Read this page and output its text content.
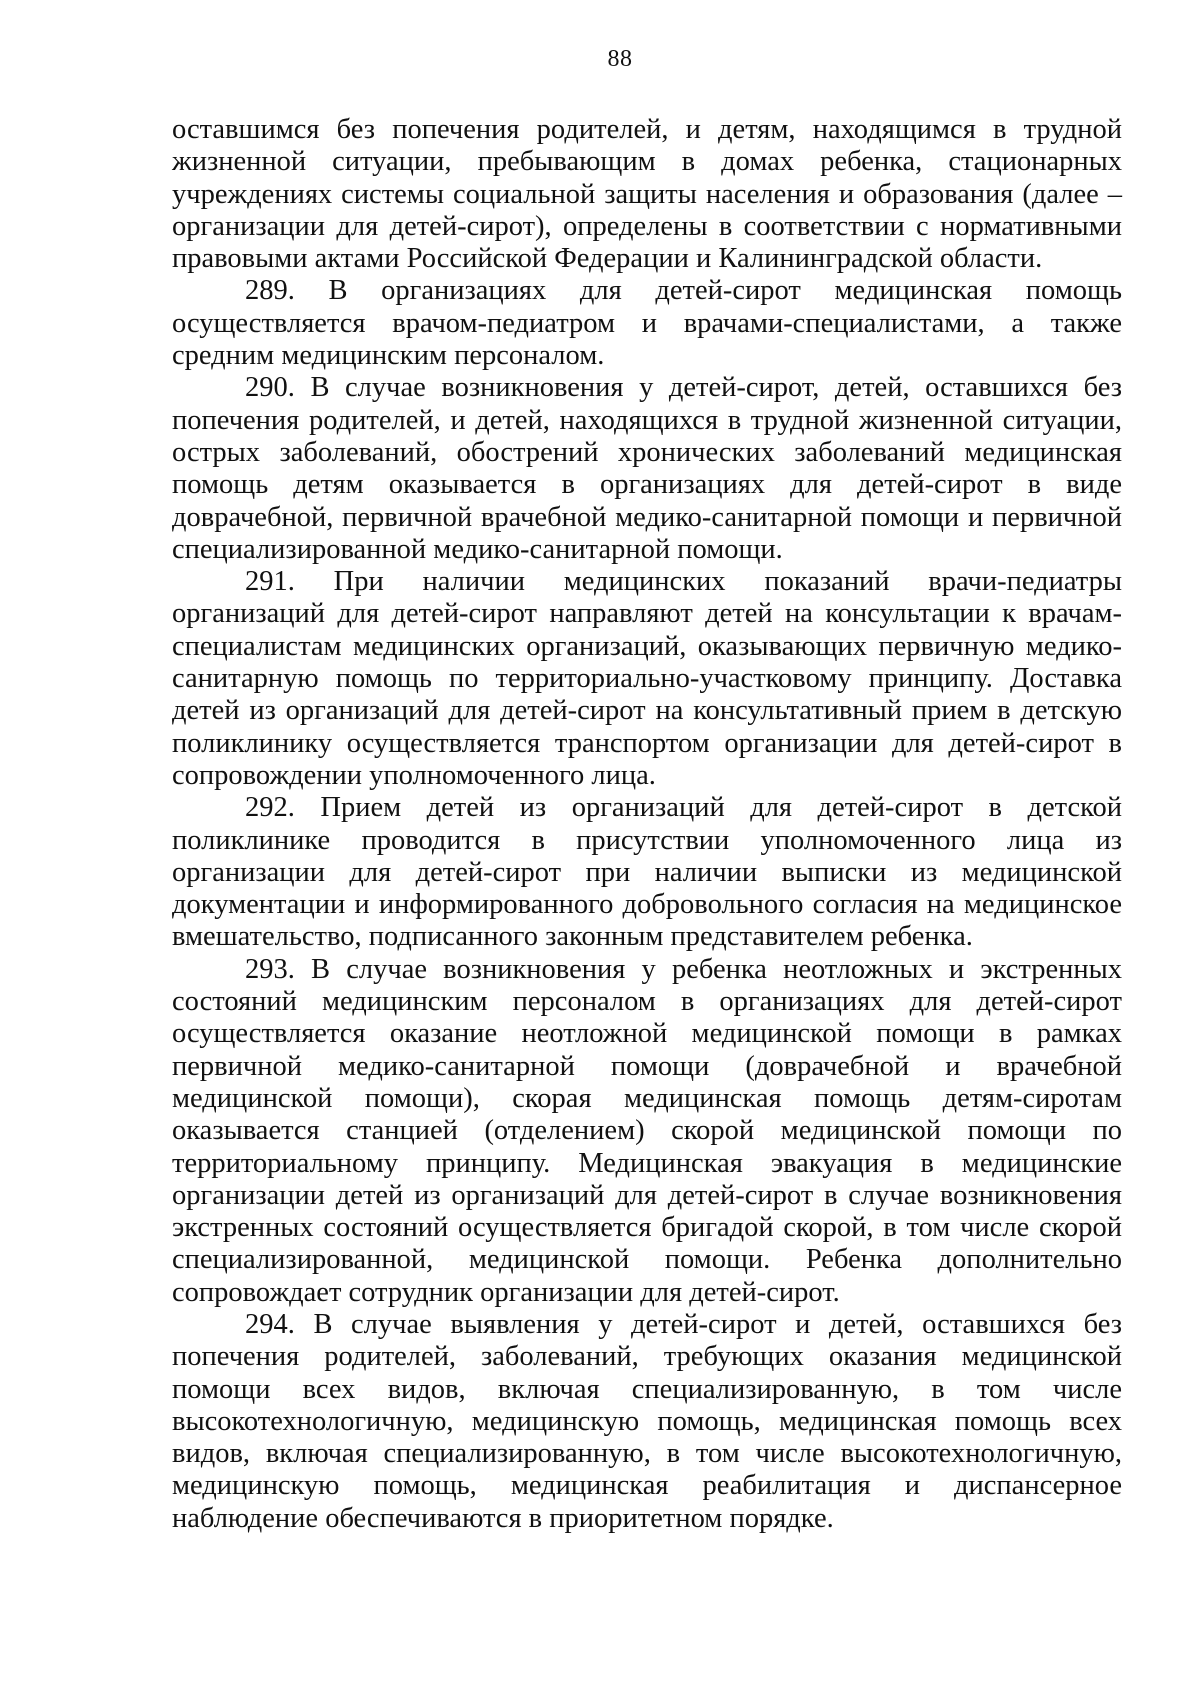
88

оставшимся без попечения родителей, и детям, находящимся в трудной жизненной ситуации, пребывающим в домах ребенка, стационарных учреждениях системы социальной защиты населения и образования (далее – организации для детей-сирот), определены в соответствии с нормативными правовыми актами Российской Федерации и Калининградской области.

289. В организациях для детей-сирот медицинская помощь осуществляется врачом-педиатром и врачами-специалистами, а также средним медицинским персоналом.

290. В случае возникновения у детей-сирот, детей, оставшихся без попечения родителей, и детей, находящихся в трудной жизненной ситуации, острых заболеваний, обострений хронических заболеваний медицинская помощь детям оказывается в организациях для детей-сирот в виде доврачебной, первичной врачебной медико-санитарной помощи и первичной специализированной медико-санитарной помощи.

291. При наличии медицинских показаний врачи-педиатры организаций для детей-сирот направляют детей на консультации к врачам-специалистам медицинских организаций, оказывающих первичную медико-санитарную помощь по территориально-участковому принципу. Доставка детей из организаций для детей-сирот на консультативный прием в детскую поликлинику осуществляется транспортом организации для детей-сирот в сопровождении уполномоченного лица.

292. Прием детей из организаций для детей-сирот в детской поликлинике проводится в присутствии уполномоченного лица из организации для детей-сирот при наличии выписки из медицинской документации и информированного добровольного согласия на медицинское вмешательство, подписанного законным представителем ребенка.

293. В случае возникновения у ребенка неотложных и экстренных состояний медицинским персоналом в организациях для детей-сирот осуществляется оказание неотложной медицинской помощи в рамках первичной медико-санитарной помощи (доврачебной и врачебной медицинской помощи), скорая медицинская помощь детям-сиротам оказывается станцией (отделением) скорой медицинской помощи по территориальному принципу. Медицинская эвакуация в медицинские организации детей из организаций для детей-сирот в случае возникновения экстренных состояний осуществляется бригадой скорой, в том числе скорой специализированной, медицинской помощи. Ребенка дополнительно сопровождает сотрудник организации для детей-сирот.

294. В случае выявления у детей-сирот и детей, оставшихся без попечения родителей, заболеваний, требующих оказания медицинской помощи всех видов, включая специализированную, в том числе высокотехнологичную, медицинскую помощь, медицинская помощь всех видов, включая специализированную, в том числе высокотехнологичную, медицинскую помощь, медицинская реабилитация и диспансерное наблюдение обеспечиваются в приоритетном порядке.
